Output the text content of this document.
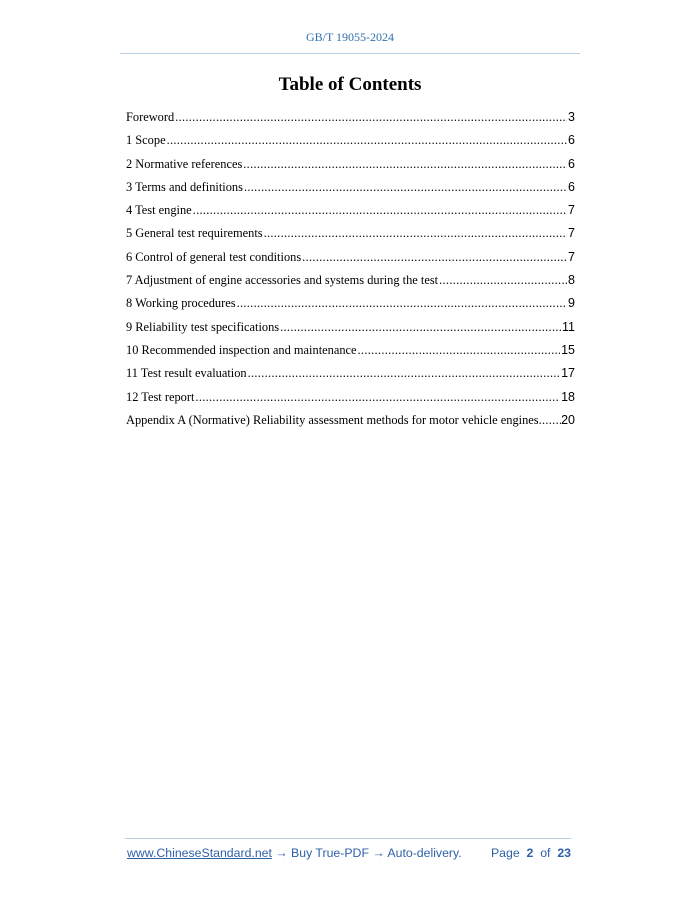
GB/T 19055-2024
Table of Contents
Foreword .....	3
1 Scope .....	6
2 Normative references .....	6
3 Terms and definitions .....	6
4 Test engine .....	7
5 General test requirements .....	7
6 Control of general test conditions .....	7
7 Adjustment of engine accessories and systems during the test .....	8
8 Working procedures .....	9
9 Reliability test specifications .....	11
10 Recommended inspection and maintenance .....	15
11 Test result evaluation .....	17
12 Test report .....	18
Appendix A (Normative) Reliability assessment methods for motor vehicle engines ..... 20
www.ChineseStandard.net → Buy True-PDF → Auto-delivery. Page 2 of 23
